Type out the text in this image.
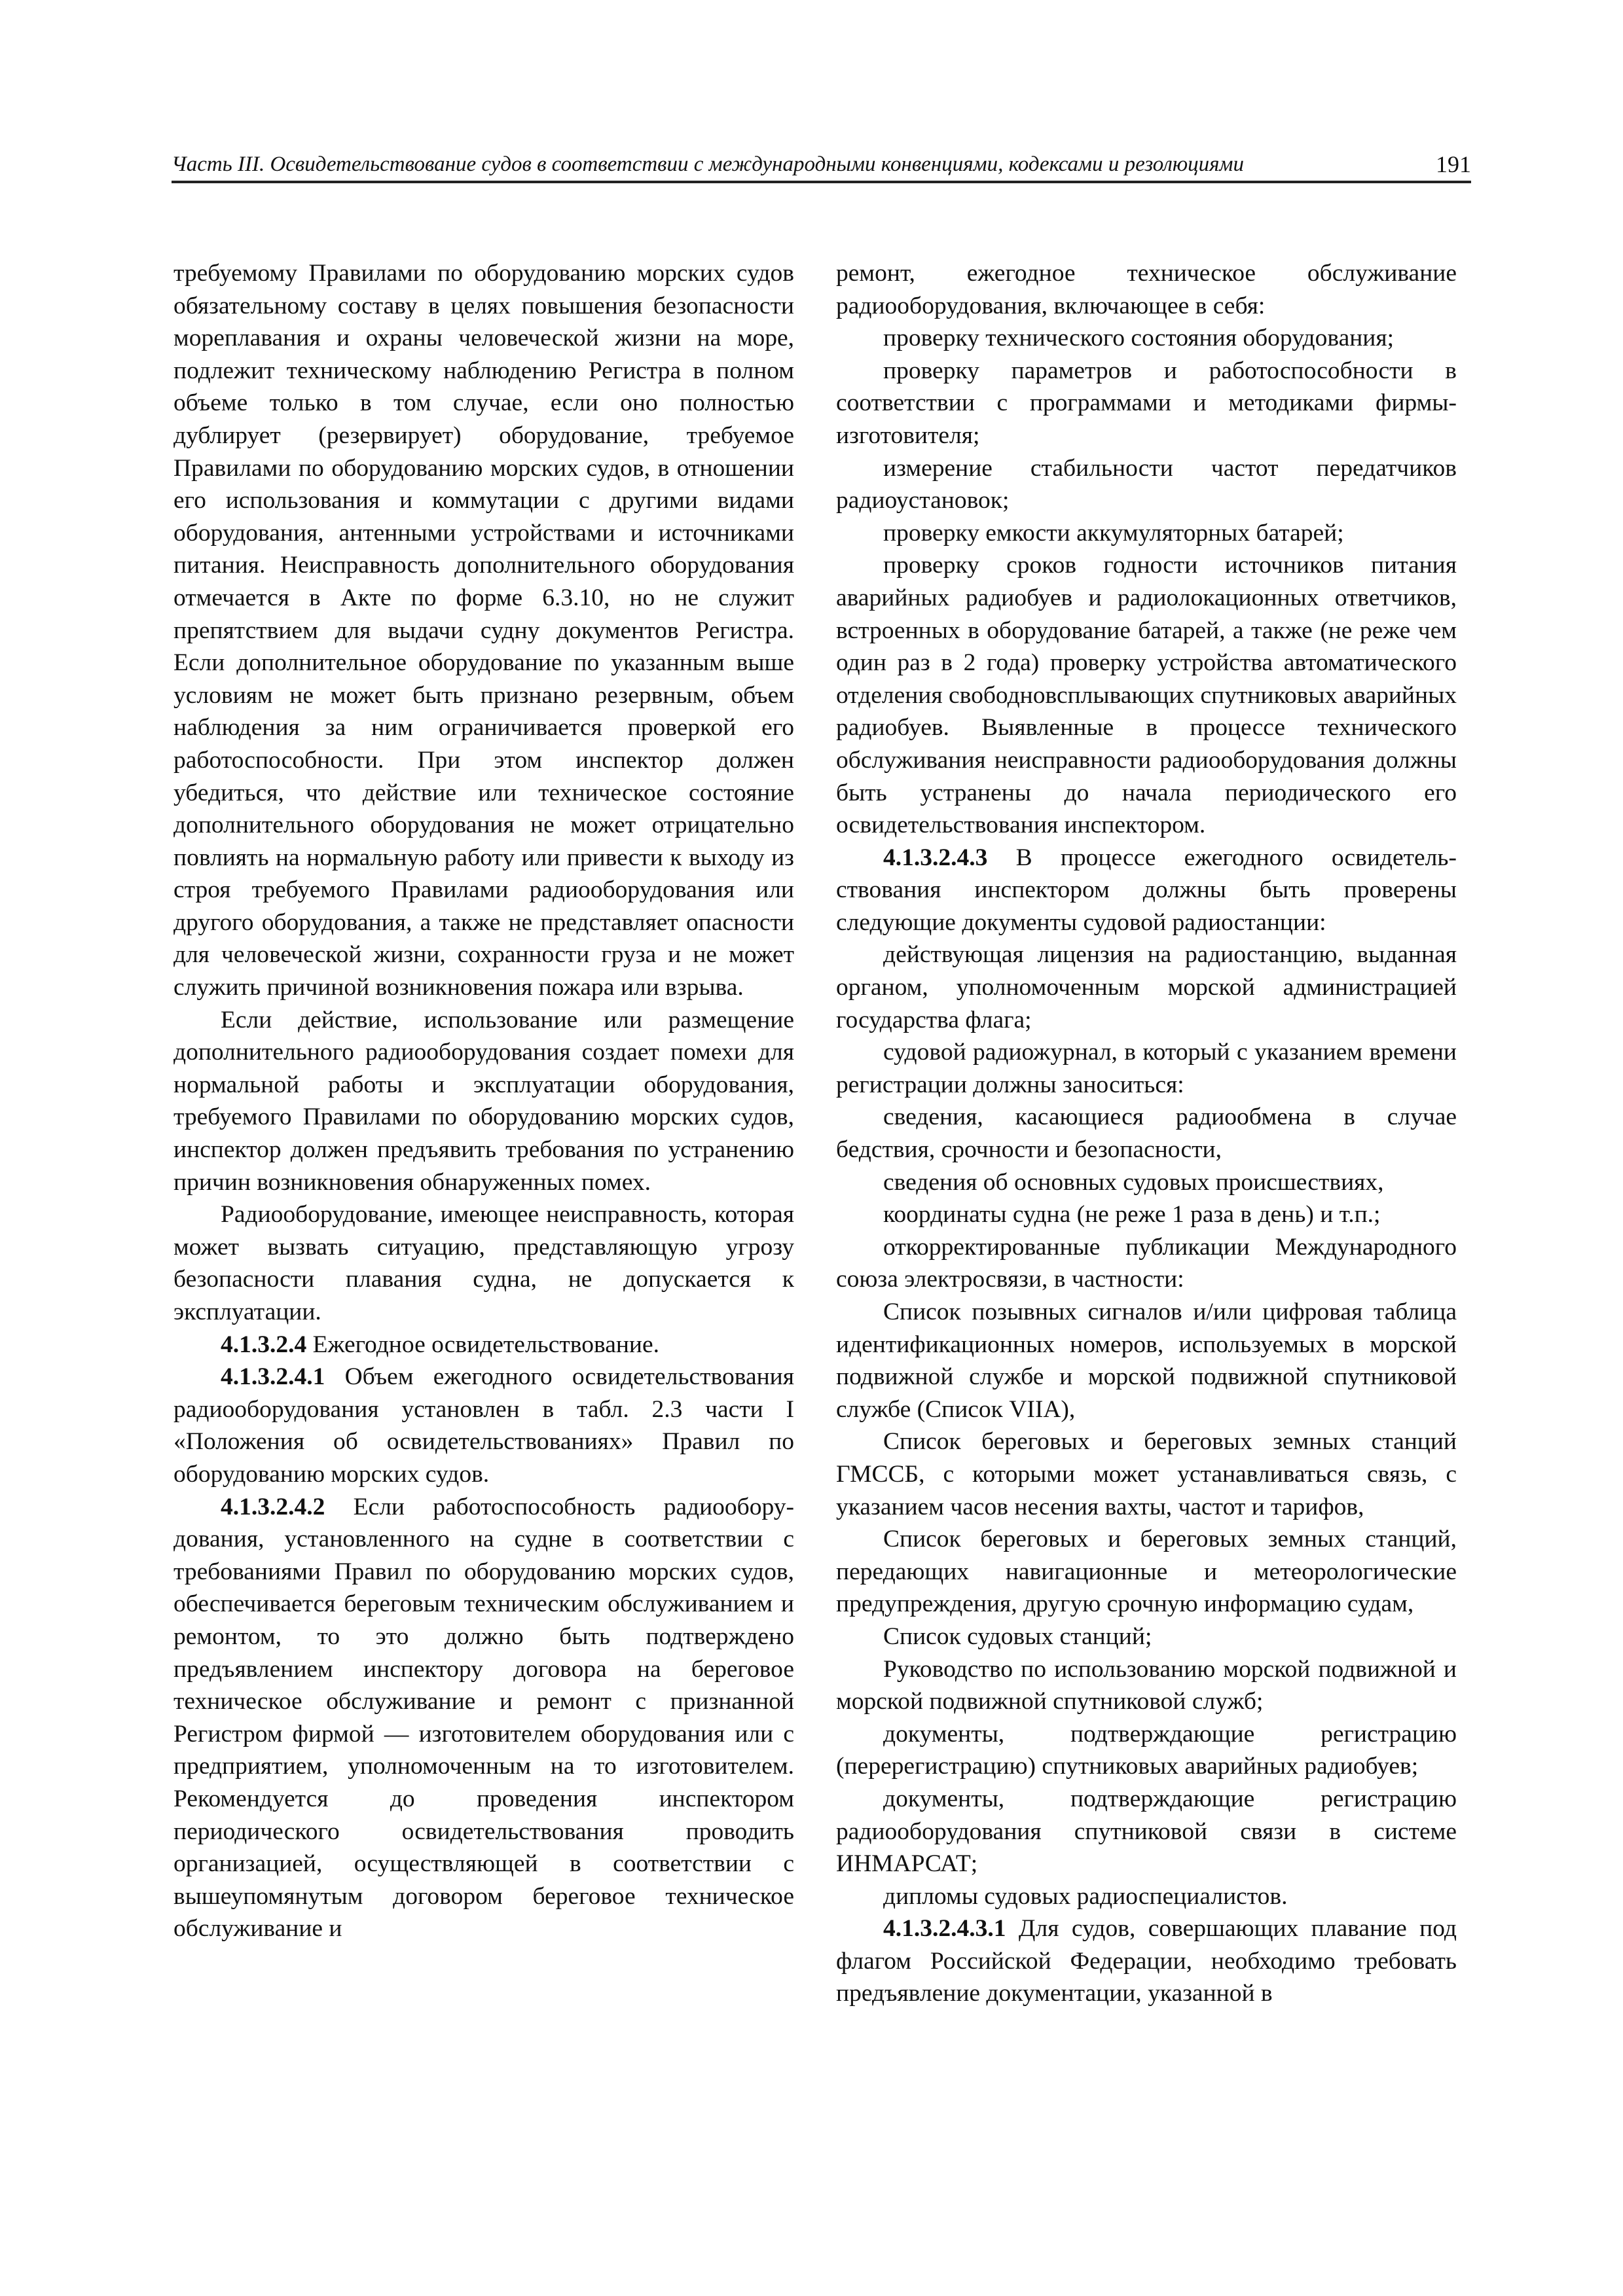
Часть III. Освидетельствование судов в соответствии с международными конвенциями, кодексами и резолюциями	191

требуемому Правилами по оборудованию морских судов обязательному составу в целях повышения безопасности мореплавания и охраны человеческой жизни на море, подлежит техническому наблюдению Регистра в полном объеме только в том случае, если оно полностью дублирует (резервирует) оборудование, требуемое Правилами по оборудованию морских судов, в отношении его использования и коммутации с другими видами оборудования, антенными устройствами и источниками питания. Неисправность дополнительного оборудования отмечается в Акте по форме 6.3.10, но не служит препятствием для выдачи судну документов Регистра. Если дополнительное оборудование по указанным выше условиям не может быть признано резервным, объем наблюдения за ним ограничивается проверкой его работоспособности. При этом инспектор должен убедиться, что действие или техническое состояние дополнительного оборудования не может отрицательно повлиять на нормальную работу или привести к выходу из строя требуемого Правилами радиооборудования или другого оборудования, а также не представляет опасности для человеческой жизни, сохранности груза и не может служить причиной возникновения пожара или взрыва.

Если действие, использование или размещение дополнительного радиооборудования создает помехи для нормальной работы и эксплуатации оборудования, требуемого Правилами по оборудованию морских судов, инспектор должен предъявить требования по устранению причин возникновения обнаруженных помех.

Радиооборудование, имеющее неисправность, которая может вызвать ситуацию, представляющую угрозу безопасности плавания судна, не допускается к эксплуатации.

4.1.3.2.4 Ежегодное освидетельствование.

4.1.3.2.4.1 Объем ежегодного освидетельствования радиооборудования установлен в табл. 2.3 части I «Положения об освидетельствованиях» Правил по оборудованию морских судов.

4.1.3.2.4.2 Если работоспособность радиооборудования, установленного на судне в соответствии с требованиями Правил по оборудованию морских судов, обеспечивается береговым техническим обслуживанием и ремонтом, то это должно быть подтверждено предъявлением инспектору договора на береговое техническое обслуживание и ремонт с признанной Регистром фирмой — изготовителем оборудования или с предприятием, уполномоченным на то изготовителем. Рекомендуется до проведения инспектором периодического освидетельствования проводить организацией, осуществляющей в соответствии с вышеупомянутым договором береговое техническое обслуживание и

ремонт, ежегодное техническое обслуживание радиооборудования, включающее в себя:

проверку технического состояния оборудования;

проверку параметров и работоспособности в соответствии с программами и методиками фирмы-изготовителя;

измерение стабильности частот передатчиков радиоустановок;

проверку емкости аккумуляторных батарей;

проверку сроков годности источников питания аварийных радиобуев и радиолокационных ответчиков, встроенных в оборудование батарей, а также (не реже чем один раз в 2 года) проверку устройства автоматического отделения свободновсплывающих спутниковых аварийных радиобуев. Выявленные в процессе технического обслуживания неисправности радиооборудования должны быть устранены до начала периодического его освидетельствования инспектором.

4.1.3.2.4.3 В процессе ежегодного освидетельствования инспектором должны быть проверены следующие документы судовой радиостанции:

действующая лицензия на радиостанцию, выданная органом, уполномоченным морской администрацией государства флага;

судовой радиожурнал, в который с указанием времени регистрации должны заноситься:

сведения, касающиеся радиообмена в случае бедствия, срочности и безопасности,

сведения об основных судовых происшествиях,

координаты судна (не реже 1 раза в день) и т.п.;

откорректированные публикации Международного союза электросвязи, в частности:

Список позывных сигналов и/или цифровая таблица идентификационных номеров, используемых в морской подвижной службе и морской подвижной спутниковой службе (Список VIIA),

Список береговых и береговых земных станций ГМССБ, с которыми может устанавливаться связь, с указанием часов несения вахты, частот и тарифов,

Список береговых и береговых земных станций, передающих навигационные и метеорологические предупреждения, другую срочную информацию судам,

Список судовых станций;

Руководство по использованию морской подвижной и морской подвижной спутниковой служб;

документы, подтверждающие регистрацию (перерегистрацию) спутниковых аварийных радиобуев;

документы, подтверждающие регистрацию радиооборудования спутниковой связи в системе ИНМАРСАТ;

дипломы судовых радиоспециалистов.

4.1.3.2.4.3.1 Для судов, совершающих плавание под флагом Российской Федерации, необходимо требовать предъявление документации, указанной в
